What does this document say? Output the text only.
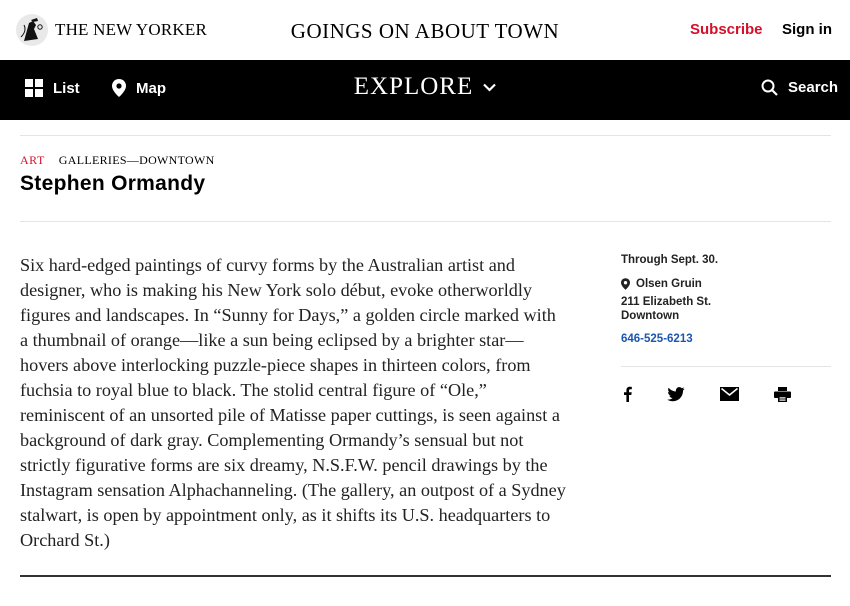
THE NEW YORKER	GOINGS ON ABOUT TOWN	Subscribe Sign in
List	Map	EXPLORE	Search
ART GALLERIES—DOWNTOWN
Stephen Ormandy

Six hard-edged paintings of curvy forms by the Australian artist and designer, who is making his New York solo début, evoke otherworldly figures and landscapes. In “Sunny for Days,” a golden circle marked with a thumbnail of orange—like a sun being eclipsed by a brighter star—hovers above interlocking puzzle-piece shapes in thirteen colors, from fuchsia to royal blue to black. The stolid central figure of “Ole,” reminiscent of an unsorted pile of Matisse paper cuttings, is seen against a background of dark gray. Complementing Ormandy’s sensual but not strictly figurative forms are six dreamy, N.S.F.W. pencil drawings by the Instagram sensation Alphachanneling. (The gallery, an outpost of a Sydney stalwart, is open by appointment only, as it shifts its U.S. headquarters to Orchard St.)

Through Sept. 30.
Olsen Gruin
211 Elizabeth St.
Downtown
646-525-6213
